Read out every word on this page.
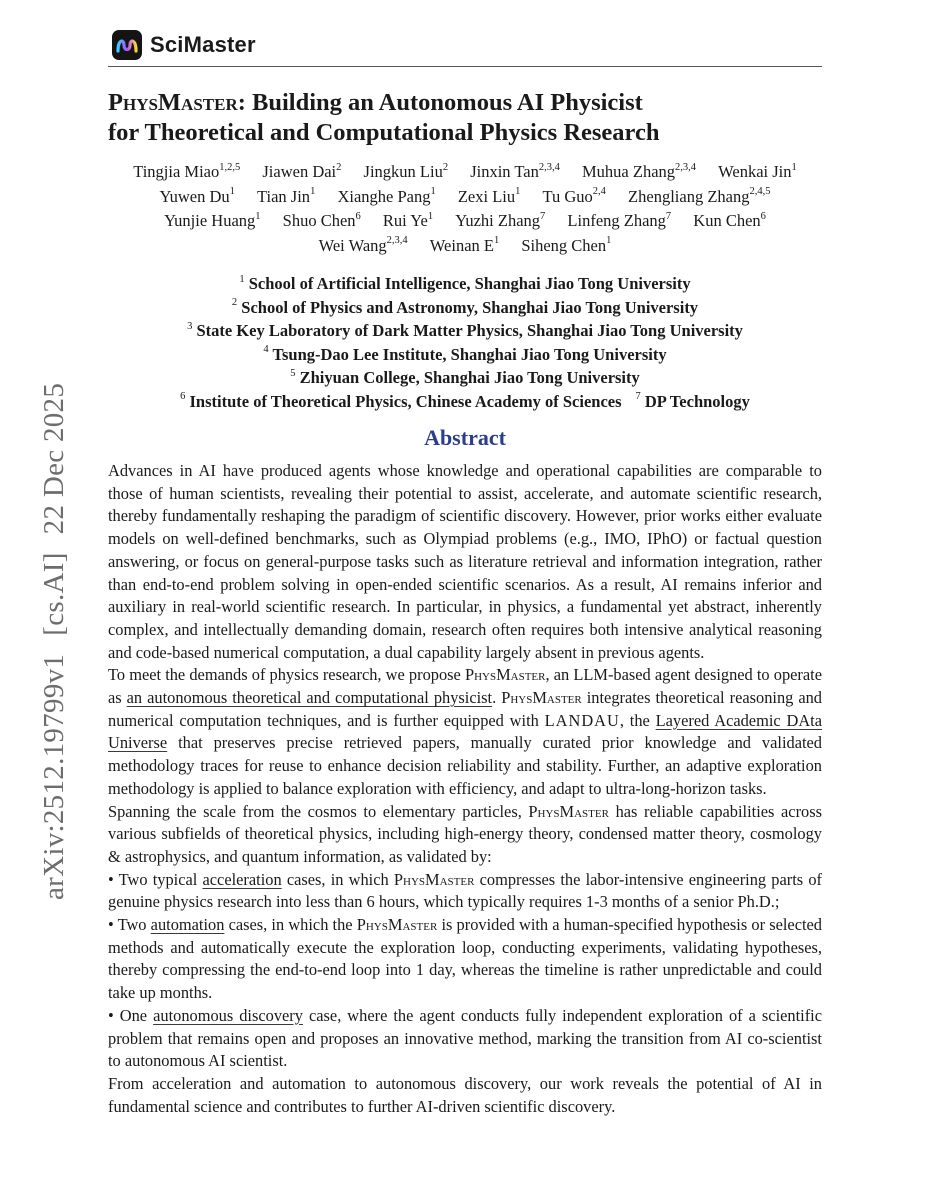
SciMaster
arXiv:2512.19799v1[cs.AI]22 Dec 2025
PhysMaster: Building an Autonomous AI Physicist
for Theoretical and Computational Physics Research
Tingjia Miao$^{1,2,5}$ Jiawen Dai$^2$ Jingkun Liu$^2$ Jinxin Tan$^{2,3,4}$ Muhua Zhang$^{2,3,4}$ Wenkai Jin$^1$
Yuwen Du$^1$ Tian Jin$^1$ Xianghe Pang$^1$ Zexi Liu$^1$ Tu Guo$^{2,4}$ Zhengliang Zhang$^{2,4,5}$
Yunjie Huang$^1$ Shuo Chen$^6$ Rui Ye$^1$ Yuzhi Zhang$^7$ Linfeng Zhang$^7$ Kun Chen$^6$
Wei Wang$^{2,3,4}$ Weinan $E^1$ Siheng Chen$^1$
$^1$ School of Artificial Intelligence, Shanghai Jiao Tong University
$^2$ School of Physics and Astronomy, Shanghai Jiao Tong University
$^3$ State Key Laboratory of Dark Matter Physics, Shanghai Jiao Tong University
$^4$ Tsung-Dao Lee Institute, Shanghai Jiao Tong University
$^5$ Zhiyuan College, Shanghai Jiao Tong University
$^6$ Institute of Theoretical Physics, Chinese Academy of Sciences $^7$ DP Technology
Abstract

Advances in AI have produced agents whose knowledge and operational capabilities are comparable to those of human scientists, revealing their potential to assist, accelerate, and automate scientific research, thereby fundamentally reshaping the paradigm of scientific discovery. However, prior works either evaluate models on well-defined benchmarks, such as Olympiad problems (e.g., IMO, IPhO) or factual question answering, or focus on general-purpose tasks such as literature retrieval and information integration, rather than end-to-end problem solving in open-ended scientific scenarios. As a result, AI remains inferior and auxiliary in real-world scientific research. In particular, in physics, a fundamental yet abstract, inherently complex, and intellectually demanding domain, research often requires both intensive analytical reasoning and code-based numerical computation, a dual capability largely absent in previous agents.

To meet the demands of physics research, we propose PhysMaster, an LLM-based agent designed to operate as an autonomous theoretical and computational physicist. PhysMaster integrates theoretical reasoning and numerical computation techniques, and is further equipped with LANDAU, the Layered Academic DAta Universe that preserves precise retrieved papers, manually curated prior knowledge and validated methodology traces for reuse to enhance decision reliability and stability. Further, an adaptive exploration methodology is applied to balance exploration with efficiency, and adapt to ultra-long-horizon tasks.

Spanning the scale from the cosmos to elementary particles, PhysMaster has reliable capabilities across various subfields of theoretical physics, including high-energy theory, condensed matter theory, cosmology & astrophysics, and quantum information, as validated by:

• Two typical acceleration cases, in which PhysMaster compresses the labor-intensive engineering parts of genuine physics research into less than 6 hours, which typically requires 1-3 months of a senior Ph.D.;

• Two automation cases, in which the PhysMaster is provided with a human-specified hypothesis or selected methods and automatically execute the exploration loop, conducting experiments, validating hypotheses, thereby compressing the end-to-end loop into 1 day, whereas the timeline is rather unpredictable and could take up months.

• One autonomous discovery case, where the agent conducts fully independent exploration of a scientific problem that remains open and proposes an innovative method, marking the transition from AI co-scientist to autonomous AI scientist.

From acceleration and automation to autonomous discovery, our work reveals the potential of AI in fundamental science and contributes to further AI-driven scientific discovery.
